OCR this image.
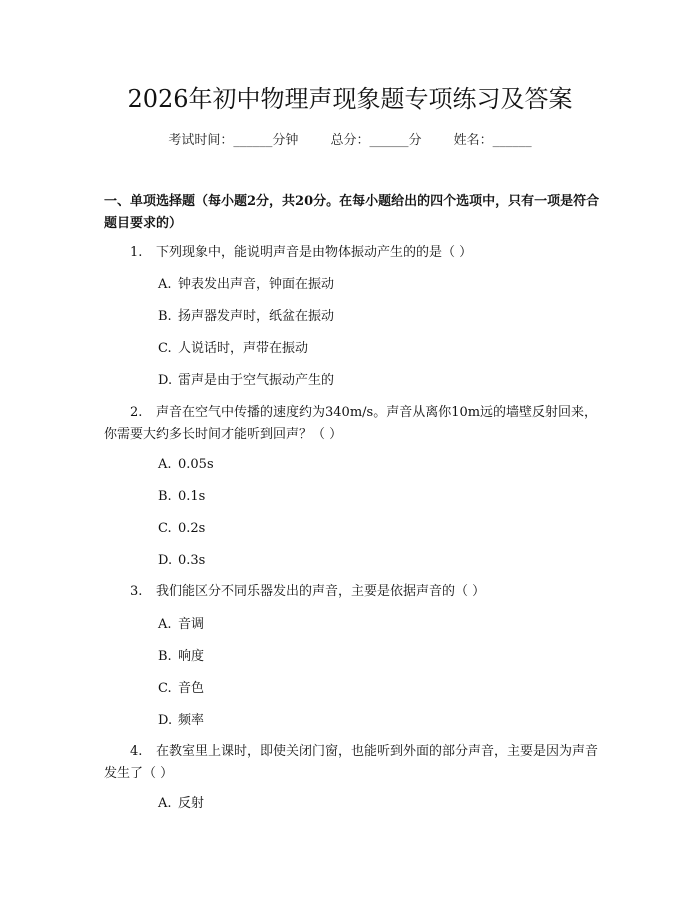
2026年初中物理声现象题专项练习及答案
考试时间：______分钟 总分：______分 姓名：______
一、单项选择题（每小题2分，共20分。在每小题给出的四个选项中，只有一项是符合题目要求的）
1. 下列现象中，能说明声音是由物体振动产生的的是（ ）
A. 钟表发出声音，钟面在振动
B. 扬声器发声时，纸盆在振动
C. 人说话时，声带在振动
D. 雷声是由于空气振动产生的
2. 声音在空气中传播的速度约为340m/s。声音从离你10m远的墙壁反射回来，你需要大约多长时间才能听到回声？（ ）
A. 0.05s
B. 0.1s
C. 0.2s
D. 0.3s
3. 我们能区分不同乐器发出的声音，主要是依据声音的（ ）
A. 音调
B. 响度
C. 音色
D. 频率
4. 在教室里上课时，即使关闭门窗，也能听到外面的部分声音，主要是因为声音发生了（ ）
A. 反射
